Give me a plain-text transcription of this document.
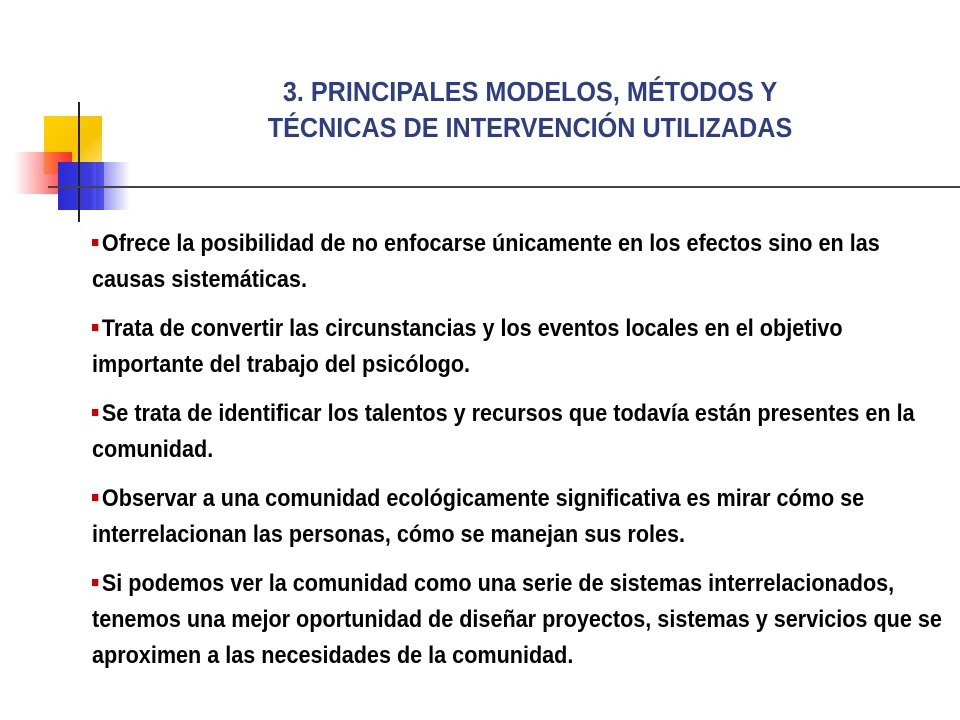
3. PRINCIPALES MODELOS, MÉTODOS Y
TÉCNICAS DE INTERVENCIÓN UTILIZADAS

Ofrece la posibilidad de no enfocarse únicamente en los efectos sino en las causas sistemáticas.

Trata de convertir las circunstancias y los eventos locales en el objetivo importante del trabajo del psicólogo.

Se trata de identificar los talentos y recursos que todavía están presentes en la comunidad.

Observar a una comunidad ecológicamente significativa es mirar cómo se interrelacionan las personas, cómo se manejan sus roles.

Si podemos ver la comunidad como una serie de sistemas interrelacionados, tenemos una mejor oportunidad de diseñar proyectos, sistemas y servicios que se aproximen a las necesidades de la comunidad.
